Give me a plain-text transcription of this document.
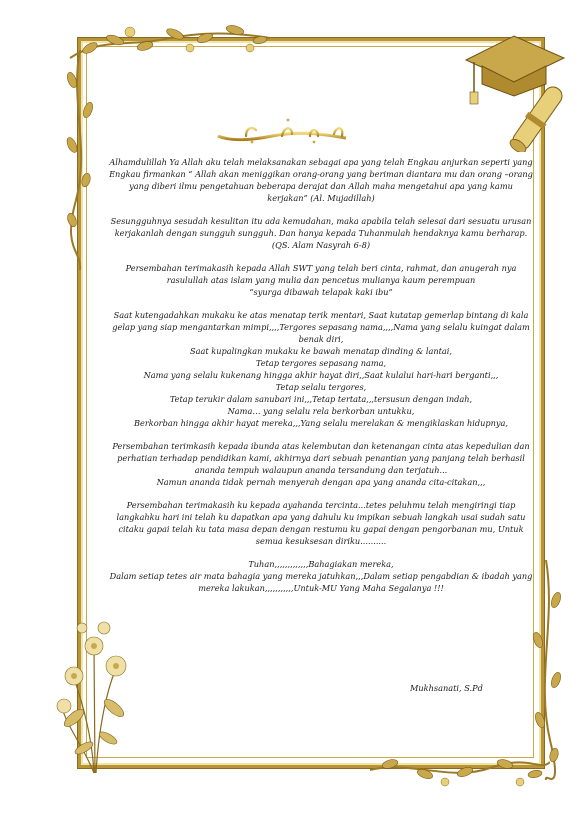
Alhamdulillah Ya Allah aku telah melaksanakan sebagai apa yang telah Engkau anjurkan seperti yang Engkau firmankan “ Allah akan meniggikan orang-orang yang beriman diantara mu dan orang –orang yang diberi ilmu pengetahuan beberapa derajat dan Allah maha mengetahui apa yang kamu kerjakan” (Al. Mujadillah)

Sesungguhnya sesudah kesulitan itu ada kemudahan, maka apabila telah selesai dari sesuatu urusan kerjakanlah dengan sungguh sungguh. Dan hanya kepada Tuhanmulah hendaknya kamu berharap. (QS. Alam Nasyrah 6-8)

Persembahan terimakasih kepada Allah SWT yang telah beri cinta, rahmat, dan anugerah nya rasulullah atas islam yang mulia dan pencetus mulianya kaum perempuan
“syurga dibawah telapak kaki ibu”

Saat kutengadahkan mukaku ke atas menatap terik mentari, Saat kutatap gemerlap bintang di kala gelap yang siap mengantarkan mimpi,,,,Tergores sepasang nama,,,,Nama yang selalu kuingat dalam benak diri,
Saat kupalingkan mukaku ke bawah menatap dinding & lantai,
Tetap tergores sepasang nama,
Nama yang selalu kukenang hingga akhir hayat diri,,Saat kulalui hari-hari berganti,,,
Tetap selalu tergores,
Tetap terukir dalam sanubari ini,,,Tetap tertata,,,tersusun dengan indah,
Nama… yang selalu rela berkorban untukku,
Berkorban hingga akhir hayat mereka,,,Yang selalu merelakan & mengiklaskan hidupnya,

Persembahan terimkasih kepada ibunda atas kelembutan dan ketenangan cinta atas kepedulian dan perhatian terhadap pendidikan kami, akhirnya dari sebuah penantian yang panjang telah berhasil ananda tempuh walaupun ananda tersandung dan terjatuh...
Namun ananda tidak pernah menyerah dengan apa yang ananda cita-citakan,,,

Persembahan terimakasih ku kepada ayahanda tercinta...tetes peluhmu telah mengiringi tiap langkahku hari ini telah ku dapatkan apa yang dahulu ku impikan sebuah langkah usai sudah satu citaku gapai telah ku tata masa depan dengan restumu ku gapai dengan pengorbanan mu, Untuk semua kesuksesan diriku..........

Tuhan,,,,,,,,,,,,,Bahagiakan mereka,
Dalam setiap tetes air mata bahagia yang mereka jatuhkan,,,Dalam setiap pengabdian & ibadah yang mereka lakukan,,,,,,,,,,,Untuk-MU Yang Maha Segalanya !!!

Mukhsanati, S.Pd
